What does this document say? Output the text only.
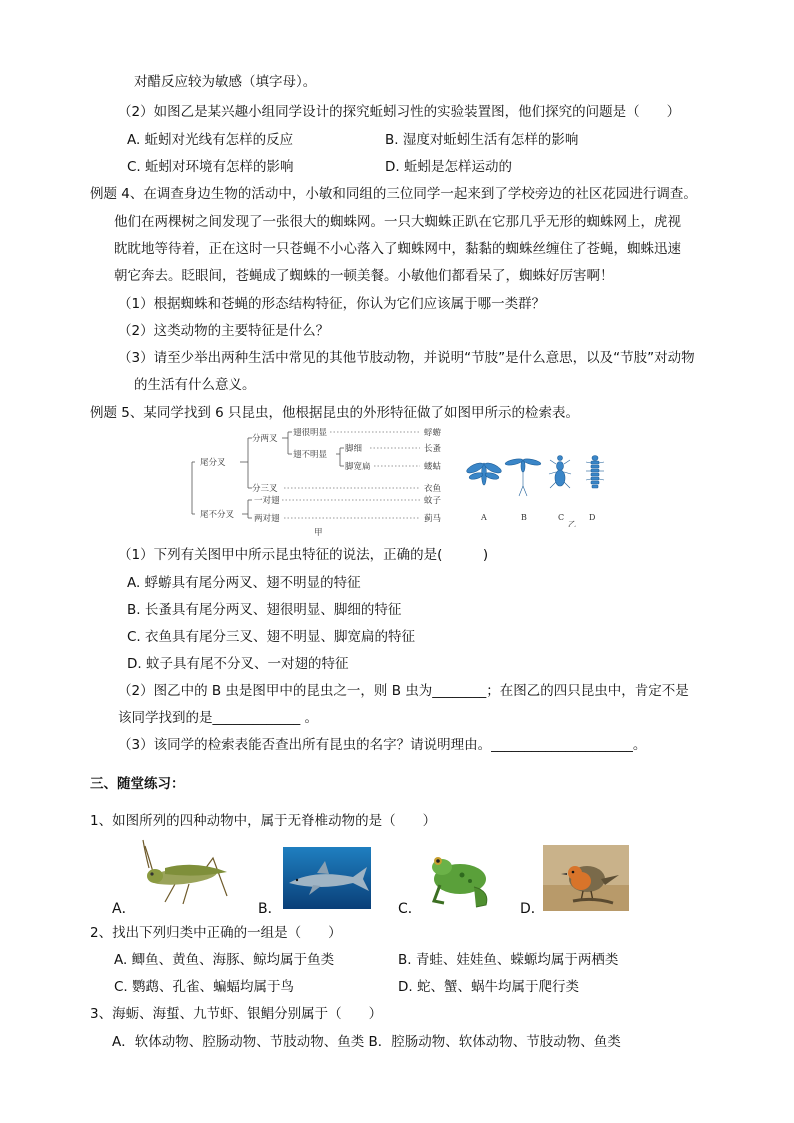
对醋反应较为敏感（填字母）。
（2）如图乙是某兴趣小组同学设计的探究蚯蚓习性的实验装置图，他们探究的问题是（　　）
A. 蚯蚓对光线有怎样的反应	B. 湿度对蚯蚓生活有怎样的影响
C. 蚯蚓对环境有怎样的影响	D. 蚯蚓是怎样运动的
例题 4、在调查身边生物的活动中，小敏和同组的三位同学一起来到了学校旁边的社区花园进行调查。
他们在两棵树之间发现了一张很大的蜘蛛网。一只大蜘蛛正趴在它那几乎无形的蜘蛛网上，虎视
眈眈地等待着，正在这时一只苍蝇不小心落入了蜘蛛网中，黏黏的蜘蛛丝缠住了苍蝇，蜘蛛迅速
朝它奔去。眨眼间，苍蝇成了蜘蛛的一顿美餐。小敏他们都看呆了，蜘蛛好厉害啊！
（1）根据蜘蛛和苍蝇的形态结构特征，你认为它们应该属于哪一类群？
（2）这类动物的主要特征是什么？
（3）请至少举出两种生活中常见的其他节肢动物，并说明“节肢”是什么意思，以及“节肢”对动物
的生活有什么意义。
例题 5、某同学找到 6 只昆虫，他根据昆虫的外形特征做了如图甲所示的检索表。
尾分叉
分两叉
翅很明显	蜉蝣
翅不明显
脚细	长蚤
脚宽扁	蝼蛄
分三叉	衣鱼
尾不分叉
一对翅	蚊子
两对翅	蓟马
甲
A	B	C	D
乙
（1）下列有关图甲中所示昆虫特征的说法，正确的是(　　　)
A. 蜉蝣具有尾分两叉、翅不明显的特征
B. 长蚤具有尾分两叉、翅很明显、脚细的特征
C. 衣鱼具有尾分三叉、翅不明显、脚宽扁的特征
D. 蚊子具有尾不分叉、一对翅的特征
（2）图乙中的 B 虫是图甲中的昆虫之一，则 B 虫为________；在图乙的四只昆虫中，肯定不是
该同学找到的是_____________ 。
（3）该同学的检索表能否查出所有昆虫的名字？请说明理由。_____________________。
三、随堂练习：
1、如图所列的四种动物中，属于无脊椎动物的是（　　）
A．	B．	C．	D．
2、找出下列归类中正确的一组是（　　）
A. 鲫鱼、黄鱼、海豚、鲸均属于鱼类	B. 青蛙、娃娃鱼、蝾螈均属于两栖类
C. 鹦鹉、孔雀、蝙蝠均属于鸟	D. 蛇、蟹、蜗牛均属于爬行类
3、海蛎、海蜇、九节虾、银鲳分别属于（　　）
A．软体动物、腔肠动物、节肢动物、鱼类 B．腔肠动物、软体动物、节肢动物、鱼类
